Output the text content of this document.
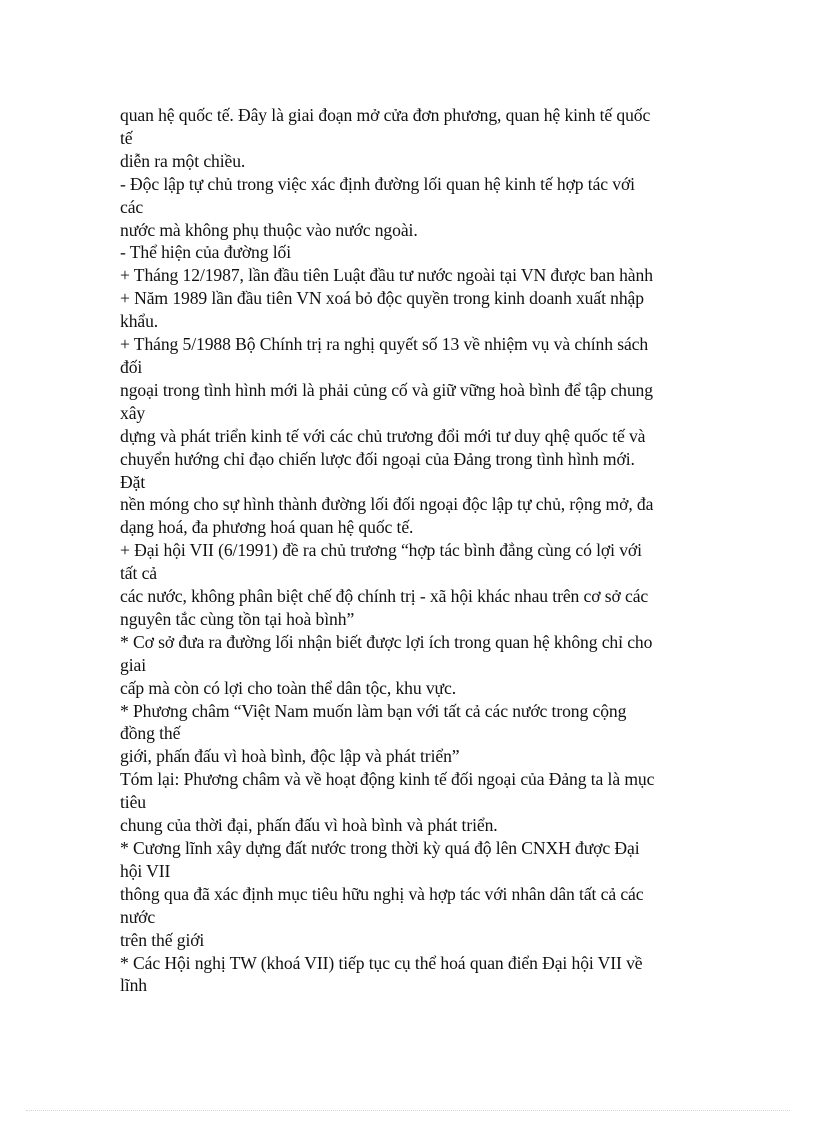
quan hệ quốc tế. Đây là giai đoạn mở cửa đơn phương, quan hệ kinh tế quốc
tế
diễn ra một chiều.
- Độc lập tự chủ trong việc xác định đường lối quan hệ kinh tế hợp tác với
các
nước mà không phụ thuộc vào nước ngoài.
- Thể hiện của đường lối
+ Tháng 12/1987, lần đầu tiên Luật đầu tư nước ngoài tại VN được ban hành
+ Năm 1989 lần đầu tiên VN xoá bỏ độc quyền trong kinh doanh xuất nhập
khẩu.
+ Tháng 5/1988 Bộ Chính trị ra nghị quyết số 13 về nhiệm vụ và chính sách
đối
ngoại trong tình hình mới là phải củng cố và giữ vững hoà bình để tập chung
xây
dựng và phát triển kinh tế với các chủ trương đổi mới tư duy qhệ quốc tế và
chuyển hướng chỉ đạo chiến lược đối ngoại của Đảng trong tình hình mới.
Đặt
nền móng cho sự hình thành đường lối đối ngoại độc lập tự chủ, rộng mở, đa
dạng hoá, đa phương hoá quan hệ quốc tế.
+ Đại hội VII (6/1991) đề ra chủ trương “hợp tác bình đẳng cùng có lợi với
tất cả
các nước, không phân biệt chế độ chính trị - xã hội khác nhau trên cơ sở các
nguyên tắc cùng tồn tại hoà bình”
* Cơ sở đưa ra đường lối nhận biết được lợi ích trong quan hệ không chỉ cho
giai
cấp mà còn có lợi cho toàn thể dân tộc, khu vực.
* Phương châm “Việt Nam muốn làm bạn với tất cả các nước trong cộng
đồng thế
giới, phấn đấu vì hoà bình, độc lập và phát triển”
Tóm lại: Phương châm và về hoạt động kinh tế đối ngoại của Đảng ta là mục
tiêu
chung của thời đại, phấn đấu vì hoà bình và phát triển.
* Cương lĩnh xây dựng đất nước trong thời kỳ quá độ lên CNXH được Đại
hội VII
thông qua đã xác định mục tiêu hữu nghị và hợp tác với nhân dân tất cả các
nước
trên thế giới
* Các Hội nghị TW (khoá VII) tiếp tục cụ thể hoá quan điển Đại hội VII về
lĩnh
